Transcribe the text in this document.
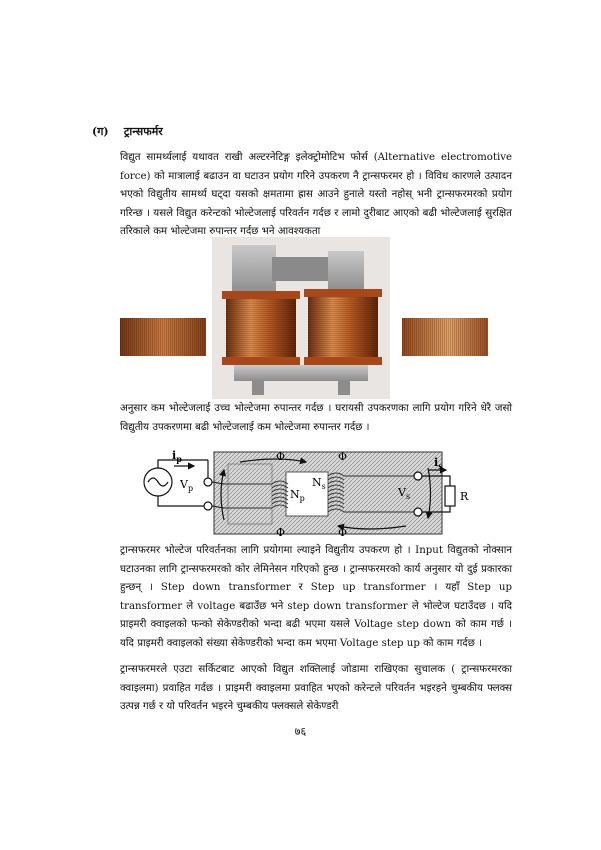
(ग) ट्रान्सफर्मर
विद्युत सामर्थ्यलाई यथावत राखी अल्टरनेटिङ्ग इलेक्ट्रोमोटिभ फोर्स (Alternative electromotive force) को मात्रालाई बढाउन वा घटाउन प्रयोग गरिने उपकरण नै ट्रान्सफरमर हो । विविध कारणले उत्पादन भएको विद्युतीय सामर्थ्य घट्दा यसको क्षमतामा ह्रास आउने हुनाले यस्तो नहोस् भनी ट्रान्सफरमरको प्रयोग गरिन्छ । यसले विद्युत करेन्टको भोल्टेजलाई परिवर्तन गर्दछ र लामो दुरीबाट आएको बढी भोल्टेजलाई सुरक्षित तरिकाले कम भोल्टेजमा रुपान्तर गर्दछ भने आवश्यकता
अनुसार कम भोल्टेजलाई उच्च भोल्टेजमा रुपान्तर गर्दछ । घरायसी उपकरणका लागि प्रयोग गरिने धेरै जसो विद्युतीय उपकरणमा बढी भोल्टेजलाई कम भोल्टेजमा रुपान्तर गर्दछ ।
Φ	Φ
Φ	Φ
$i_p$
$V_p$	$N_p$
$N_s$	$V_s$
$i_s$
R
ट्रान्सफरमर भोल्टेज परिवर्तनका लागि प्रयोगमा ल्याइने विद्युतीय उपकरण हो । Input विद्युतको नोक्सान घटाउनका लागि ट्रान्सफरमरको कोर लेमिनेसन गरिएको हुन्छ । ट्रान्सफरमरको कार्य अनुसार यो दुई प्रकारका हुन्छन् । Step down transformer र Step up transformer । यहाँ Step up transformer ले voltage बढाउँछ भने step down transformer ले भोल्टेज घटाउँदछ । यदि प्राइमरी क्वाइलको फन्को सेकेण्डरीको भन्दा बढी भएमा यसले Voltage step down को काम गर्छ । यदि प्राइमरी क्वाइलको संख्या सेकेण्डरीको भन्दा कम भएमा Voltage step up को काम गर्दछ ।
ट्रान्सफरमरले एउटा सर्किटबाट आएको विद्युत शक्तिलाई जोडामा राखिएका सुचालक ( ट्रान्सफरमरका क्वाइलमा) प्रवाहित गर्दछ । प्राइमरी क्वाइलमा प्रवाहित भएको करेन्टले परिवर्तन भइरहने चुम्बकीय फ्लक्स उत्पन्न गर्छ र यो परिवर्तन भइरने चुम्बकीय फ्लक्सले सेकेण्डरी
७६
